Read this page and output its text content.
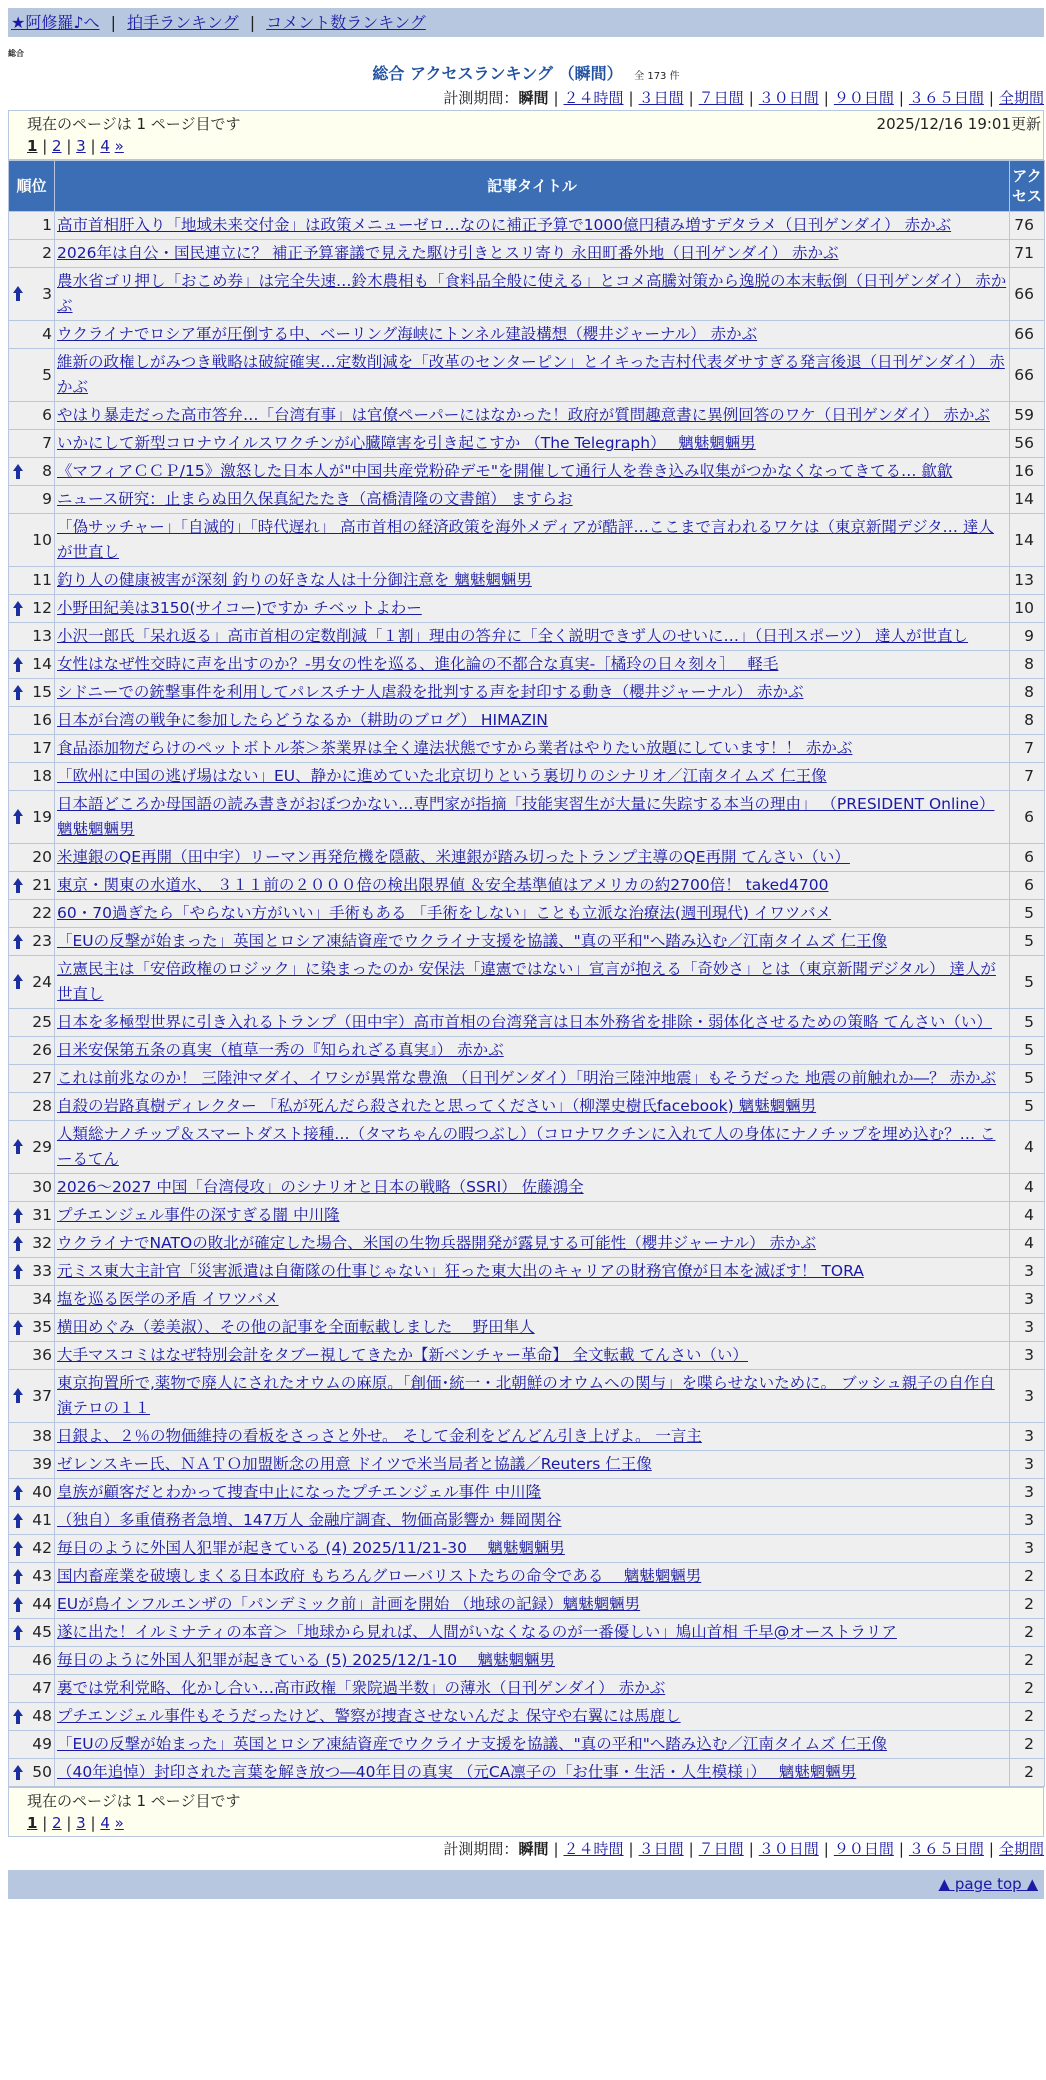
★阿修羅♪へ | 拍手ランキング | コメント数ランキング
総合
総合 アクセスランキング （瞬間） 全 173 件
計測期間：瞬間 | ２４時間 | ３日間 | ７日間 | ３０日間 | ９０日間 | ３６５日間 | 全期間
現在のページは 1 ページ目です	2025/12/16 19:01更新
1 | 2 | 3 | 4 »
順位	記事タイトル	アクセス
1	高市首相肝入り「地域未来交付金」は政策メニューゼロ…なのに補正予算で1000億円積み増すデタラメ（日刊ゲンダイ） 赤かぶ	76
2	2026年は自公・国民連立に？ 補正予算審議で見えた駆け引きとスリ寄り 永田町番外地（日刊ゲンダイ） 赤かぶ	71

3	農水省ゴリ押し「おこめ券」は完全失速…鈴木農相も「食料品全般に使える」とコメ高騰対策から逸脱の本末転倒（日刊ゲンダイ） 赤かぶ	66
4	ウクライナでロシア軍が圧倒する中、ベーリング海峡にトンネル建設構想（櫻井ジャーナル） 赤かぶ	66
5	維新の政権しがみつき戦略は破綻確実…定数削減を「改革のセンターピン」とイキった吉村代表ダサすぎる発言後退（日刊ゲンダイ） 赤かぶ	66
6	やはり暴走だった高市答弁…「台湾有事」は官僚ペーパーにはなかった！政府が質問趣意書に異例回答のワケ（日刊ゲンダイ） 赤かぶ	59
7	いかにして新型コロナウイルスワクチンが心臓障害を引き起こすか （The Telegraph）　 魑魅魍魎男	56

8	《マフィアＣＣＰ/15》激怒した日本人が"中国共産党粉砕デモ"を開催して通行人を巻き込み収集がつかなくなってきてる… 歙歙	16
9	ニュース研究：止まらぬ田久保真紀たたき（高橋清隆の文書館） ますらお	14
10	「偽サッチャー」「自滅的」「時代遅れ」 高市首相の経済政策を海外メディアが酷評…ここまで言われるワケは（東京新聞デジタ… 達人が世直し	14
11	釣り人の健康被害が深刻 釣りの好きな人は十分御注意を 魑魅魍魎男	13

12	小野田紀美は3150(サイコー)ですか チベットよわー	10
13	小沢一郎氏「呆れ返る」高市首相の定数削減「１割」理由の答弁に「全く説明できず人のせいに…」（日刊スポーツ） 達人が世直し	9

14	女性はなぜ性交時に声を出すのか？-男女の性を巡る、進化論の不都合な真実-［橘玲の日々刻々］　 軽毛	8

15	シドニーでの銃撃事件を利用してパレスチナ人虐殺を批判する声を封印する動き（櫻井ジャーナル） 赤かぶ	8
16	日本が台湾の戦争に参加したらどうなるか（耕助のブログ） HIMAZIN	8
17	食品添加物だらけのペットボトル茶＞茶業界は全く違法状態ですから業者はやりたい放題にしています！！ 赤かぶ	7
18	「欧州に中国の逃げ場はない」EU、静かに進めていた北京切りという裏切りのシナリオ／江南タイムズ 仁王像	7

19	日本語どころか母国語の読み書きがおぼつかない…専門家が指摘「技能実習生が大量に失踪する本当の理由」 （PRESIDENT Online） 魑魅魍魎男	6
20	米連銀のQE再開（田中宇）リーマン再発危機を隠蔽、米連銀が踏み切ったトランプ主導のQE再開 てんさい（い）	6

21	東京・関東の水道水、 ３１１前の２０００倍の検出限界値 ＆安全基準値はアメリカの約2700倍！ taked4700	6
22	60・70過ぎたら「やらない方がいい」手術もある 「手術をしない」ことも立派な治療法(週刊現代) イワツバメ	5

23	「EUの反撃が始まった」英国とロシア凍結資産でウクライナ支援を協議、"真の平和"へ踏み込む／江南タイムズ 仁王像	5

24	立憲民主は「安倍政権のロジック」に染まったのか 安保法「違憲ではない」宣言が抱える「奇妙さ」とは（東京新聞デジタル） 達人が世直し	5
25	日本を多極型世界に引き入れるトランプ（田中宇）高市首相の台湾発言は日本外務省を排除・弱体化させるための策略 てんさい（い）	5
26	日米安保第五条の真実（植草一秀の『知られざる真実』） 赤かぶ	5
27	これは前兆なのか！ 三陸沖マダイ、イワシが異常な豊漁 （日刊ゲンダイ）「明治三陸沖地震」もそうだった 地震の前触れか―？ 赤かぶ	5
28	自殺の岩路真樹ディレクター 「私が死んだら殺されたと思ってください」（柳澤史樹氏facebook) 魑魅魍魎男	5

29	人類総ナノチップ＆スマートダスト接種…（タマちゃんの暇つぶし）（コロナワクチンに入れて人の身体にナノチップを埋め込む？… こーるてん	4
30	2026～2027 中国「台湾侵攻」のシナリオと日本の戦略（SSRI） 佐藤鴻全	4

31	プチエンジェル事件の深すぎる闇 中川隆	4

32	ウクライナでNATOの敗北が確定した場合、米国の生物兵器開発が露見する可能性（櫻井ジャーナル） 赤かぶ	4

33	元ミス東大主計官「災害派遣は自衛隊の仕事じゃない」狂った東大出のキャリアの財務官僚が日本を滅ぼす！ TORA	3
34	塩を巡る医学の矛盾 イワツバメ	3

35	横田めぐみ（姜美淑）、その他の記事を全面転載しました　 野田隼人	3
36	大手マスコミはなぜ特別会計をタブー視してきたか【新ベンチャー革命】 全文転載 てんさい（い）	3

37	東京拘置所で,薬物で廃人にされたオウムの麻原。「創価･統一・北朝鮮のオウムへの関与」を喋らせないために。 ブッシュ親子の自作自演テロの１１	3
38	日銀よ、２％の物価維持の看板をさっさと外せ。 そして金利をどんどん引き上げよ。 一言主	3
39	ゼレンスキー氏、ＮＡＴＯ加盟断念の用意 ドイツで米当局者と協議／Reuters 仁王像	3

40	皇族が顧客だとわかって捜査中止になったプチエンジェル事件 中川隆	3

41	（独自）多重債務者急増、147万人 金融庁調査、物価高影響か 舞岡関谷	3

42	毎日のように外国人犯罪が起きている (4) 2025/11/21-30　 魑魅魍魎男	3

43	国内畜産業を破壊しまくる日本政府 もちろんグローバリストたちの命令である　 魑魅魍魎男	2

44	EUが鳥インフルエンザの「パンデミック前」計画を開始 （地球の記録）魑魅魍魎男	2

45	遂に出た！イルミナティの本音＞「地球から見れば、人間がいなくなるのが一番優しい」鳩山首相 千早@オーストラリア	2
46	毎日のように外国人犯罪が起きている (5) 2025/12/1-10　 魑魅魍魎男	2
47	裏では党利党略、化かし合い…高市政権「衆院過半数」の薄氷（日刊ゲンダイ） 赤かぶ	2

48	プチエンジェル事件もそうだったけど、警察が捜査させないんだよ 保守や右翼には馬鹿し	2
49	「EUの反撃が始まった」英国とロシア凍結資産でウクライナ支援を協議、"真の平和"へ踏み込む／江南タイムズ 仁王像	2

50	（40年追悼）封印された言葉を解き放つ―40年目の真実 （元CA凛子の「お仕事・生活・人生模様」）　 魑魅魍魎男	2
現在のページは 1 ページ目です
1 | 2 | 3 | 4 »
計測期間：瞬間 | ２４時間 | ３日間 | ７日間 | ３０日間 | ９０日間 | ３６５日間 | 全期間
▲ page top ▲
